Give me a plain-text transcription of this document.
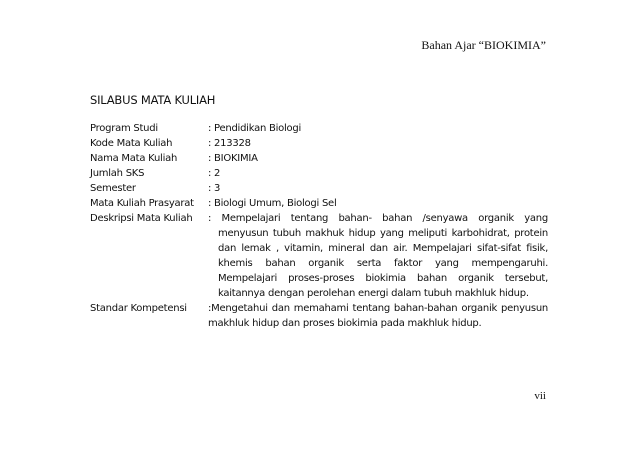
Bahan Ajar “BIOKIMIA”
SILABUS MATA KULIAH
Program Studi	: Pendidikan Biologi
Kode Mata Kuliah	: 213328
Nama Mata Kuliah	: BIOKIMIA
Jumlah SKS	: 2
Semester	: 3
Mata Kuliah Prasyarat	: Biologi Umum, Biologi Sel
Deskripsi Mata Kuliah	: Mempelajari tentang bahan- bahan /senyawa organik yang menyusun tubuh makhuk hidup yang meliputi karbohidrat, protein dan lemak , vitamin, mineral dan air. Mempelajari sifat-sifat fisik, khemis bahan organik serta faktor yang mempengaruhi. Mempelajari proses-proses biokimia bahan organik tersebut, kaitannya dengan perolehan energi dalam tubuh makhluk hidup.
Standar Kompetensi	:Mengetahui dan memahami tentang bahan-bahan organik penyusun makhluk hidup dan proses biokimia pada makhluk hidup.
vii
